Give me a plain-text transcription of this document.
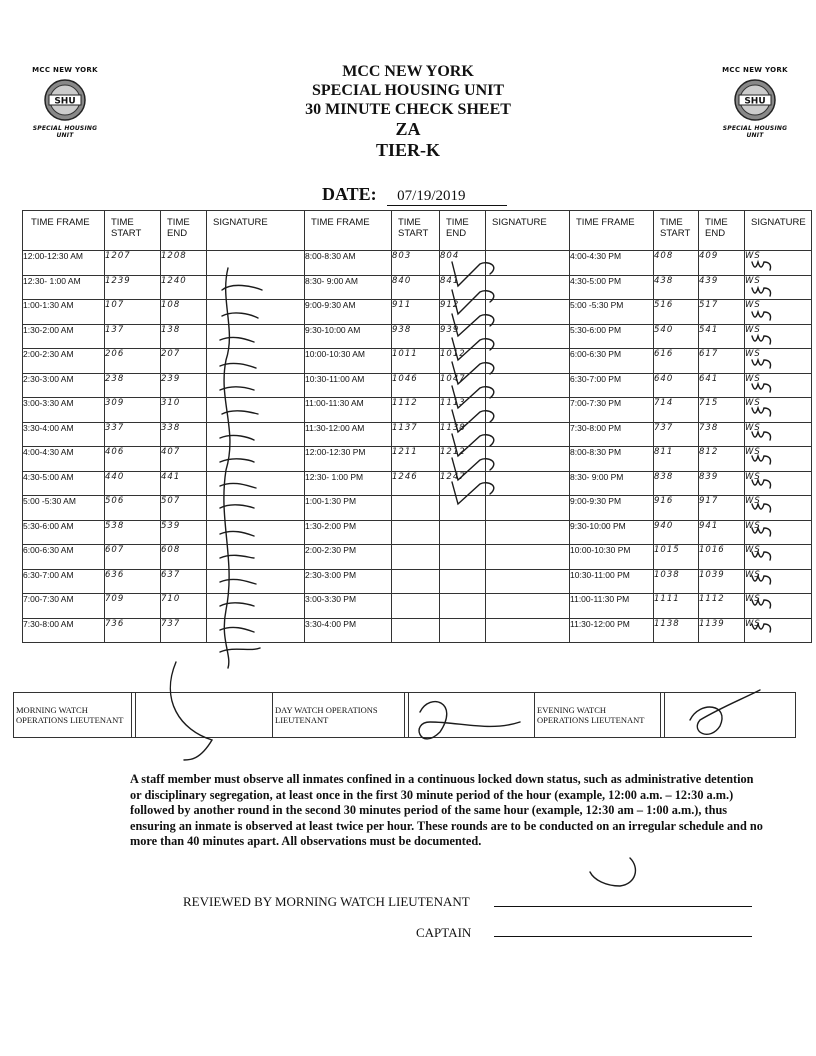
MCC NEW YORK
SHU
SPECIAL HOUSING UNIT
MCC NEW YORK
SHU
SPECIAL HOUSING UNIT
MCC NEW YORK
SPECIAL HOUSING UNIT
30 MINUTE CHECK SHEET
ZA
TIER-K
DATE: 07/19/2019
TIME FRAME	TIME START	TIME END	SIGNATURE	TIME FRAME	TIME START	TIME END	SIGNATURE	TIME FRAME	TIME START	TIME END	SIGNATURE
12:00-12:30 AM	1207	1208		8:00-8:30 AM	803	804		4:00-4:30 PM	408	409	WS
12:30- 1:00 AM	1239	1240		8:30- 9:00 AM	840	841		4:30-5:00 PM	438	439	WS
1:00-1:30 AM	107	108		9:00-9:30 AM	911	912		5:00 -5:30 PM	516	517	WS
1:30-2:00 AM	137	138		9:30-10:00 AM	938	939		5:30-6:00 PM	540	541	WS
2:00-2:30 AM	206	207		10:00-10:30 AM	1011	1012		6:00-6:30 PM	616	617	WS
2:30-3:00 AM	238	239		10:30-11:00 AM	1046	1047		6:30-7:00 PM	640	641	WS
3:00-3:30 AM	309	310		11:00-11:30 AM	1112	1113		7:00-7:30 PM	714	715	WS
3:30-4:00 AM	337	338		11:30-12:00 AM	1137	1138		7:30-8:00 PM	737	738	WS
4:00-4:30 AM	406	407		12:00-12:30 PM	1211	1212		8:00-8:30 PM	811	812	WS
4:30-5:00 AM	440	441		12:30- 1:00 PM	1246	1247		8:30- 9:00 PM	838	839	WS
5:00 -5:30 AM	506	507		1:00-1:30 PM				9:00-9:30 PM	916	917	WS
5:30-6:00 AM	538	539		1:30-2:00 PM				9:30-10:00 PM	940	941	WS
6:00-6:30 AM	607	608		2:00-2:30 PM				10:00-10:30 PM	1015	1016	WS
6:30-7:00 AM	636	637		2:30-3:00 PM				10:30-11:00 PM	1038	1039	WS
7:00-7:30 AM	709	710		3:00-3:30 PM				11:00-11:30 PM	1111	1112	WS
7:30-8:00 AM	736	737		3:30-4:00 PM				11:30-12:00 PM	1138	1139	WS
MORNING WATCH OPERATIONS LIEUTENANT			DAY WATCH OPERATIONS LIEUTENANT			EVENING WATCH OPERATIONS LIEUTENANT		
A staff member must observe all inmates confined in a continuous locked down status, such as administrative detention or disciplinary segregation, at least once in the first 30 minute period of the hour (example, 12:00 a.m. – 12:30 a.m.) followed by another round in the second 30 minutes period of the same hour (example, 12:30 am – 1:00 a.m.), thus ensuring an inmate is observed at least twice per hour. These rounds are to be conducted on an irregular schedule and no more than 40 minutes apart. All observations must be documented.
REVIEWED BY MORNING WATCH LIEUTENANT
CAPTAIN
